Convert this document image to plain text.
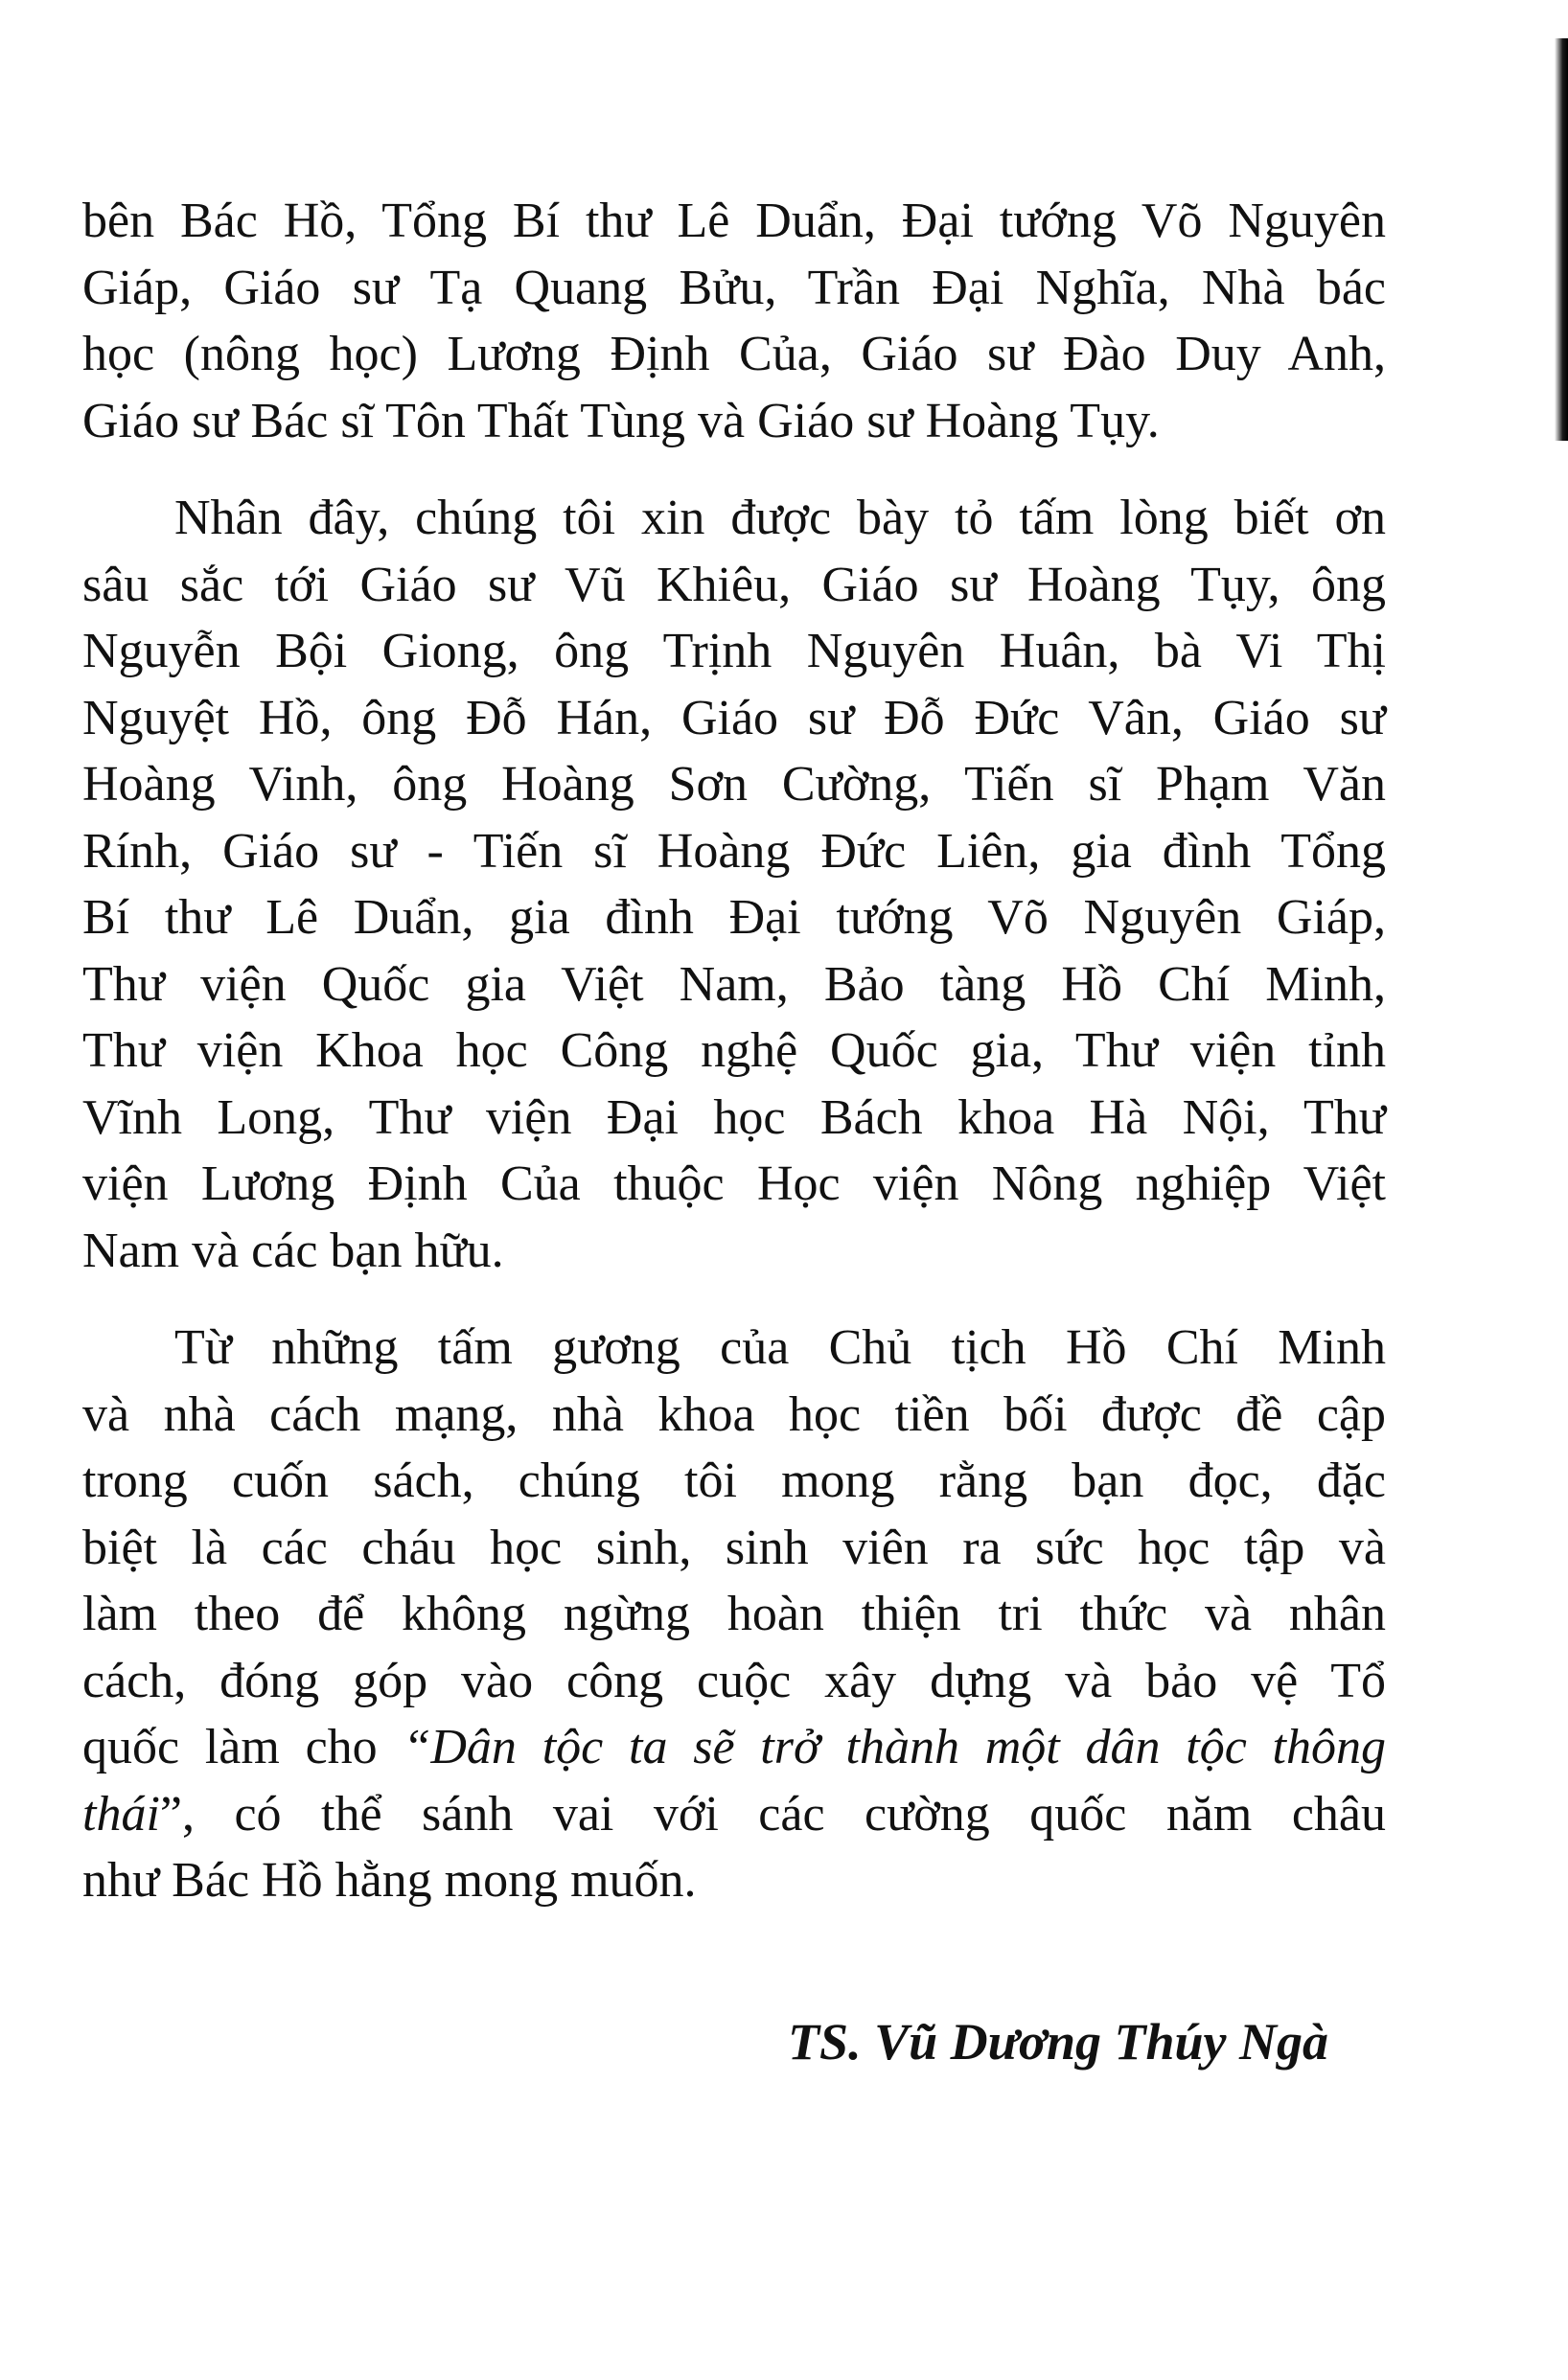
bên Bác Hồ, Tổng Bí thư Lê Duẩn, Đại tướng Võ Nguyên
Giáp, Giáo sư Tạ Quang Bửu, Trần Đại Nghĩa, Nhà bác
học (nông học) Lương Định Của, Giáo sư Đào Duy Anh,
Giáo sư Bác sĩ Tôn Thất Tùng và Giáo sư Hoàng Tụy.
Nhân đây, chúng tôi xin được bày tỏ tấm lòng biết ơn
sâu sắc tới Giáo sư Vũ Khiêu, Giáo sư Hoàng Tụy, ông
Nguyễn Bội Giong, ông Trịnh Nguyên Huân, bà Vi Thị
Nguyệt Hồ, ông Đỗ Hán, Giáo sư Đỗ Đức Vân, Giáo sư
Hoàng Vinh, ông Hoàng Sơn Cường, Tiến sĩ Phạm Văn
Rính, Giáo sư - Tiến sĩ Hoàng Đức Liên, gia đình Tổng
Bí thư Lê Duẩn, gia đình Đại tướng Võ Nguyên Giáp,
Thư viện Quốc gia Việt Nam, Bảo tàng Hồ Chí Minh,
Thư viện Khoa học Công nghệ Quốc gia, Thư viện tỉnh
Vĩnh Long, Thư viện Đại học Bách khoa Hà Nội, Thư
viện Lương Định Của thuộc Học viện Nông nghiệp Việt
Nam và các bạn hữu.
Từ những tấm gương của Chủ tịch Hồ Chí Minh
và nhà cách mạng, nhà khoa học tiền bối được đề cập
trong cuốn sách, chúng tôi mong rằng bạn đọc, đặc
biệt là các cháu học sinh, sinh viên ra sức học tập và
làm theo để không ngừng hoàn thiện tri thức và nhân
cách, đóng góp vào công cuộc xây dựng và bảo vệ Tổ
quốc làm cho “Dân tộc ta sẽ trở thành một dân tộc thông
thái”, có thể sánh vai với các cường quốc năm châu
như Bác Hồ hằng mong muốn.
TS. Vũ Dương Thúy Ngà
